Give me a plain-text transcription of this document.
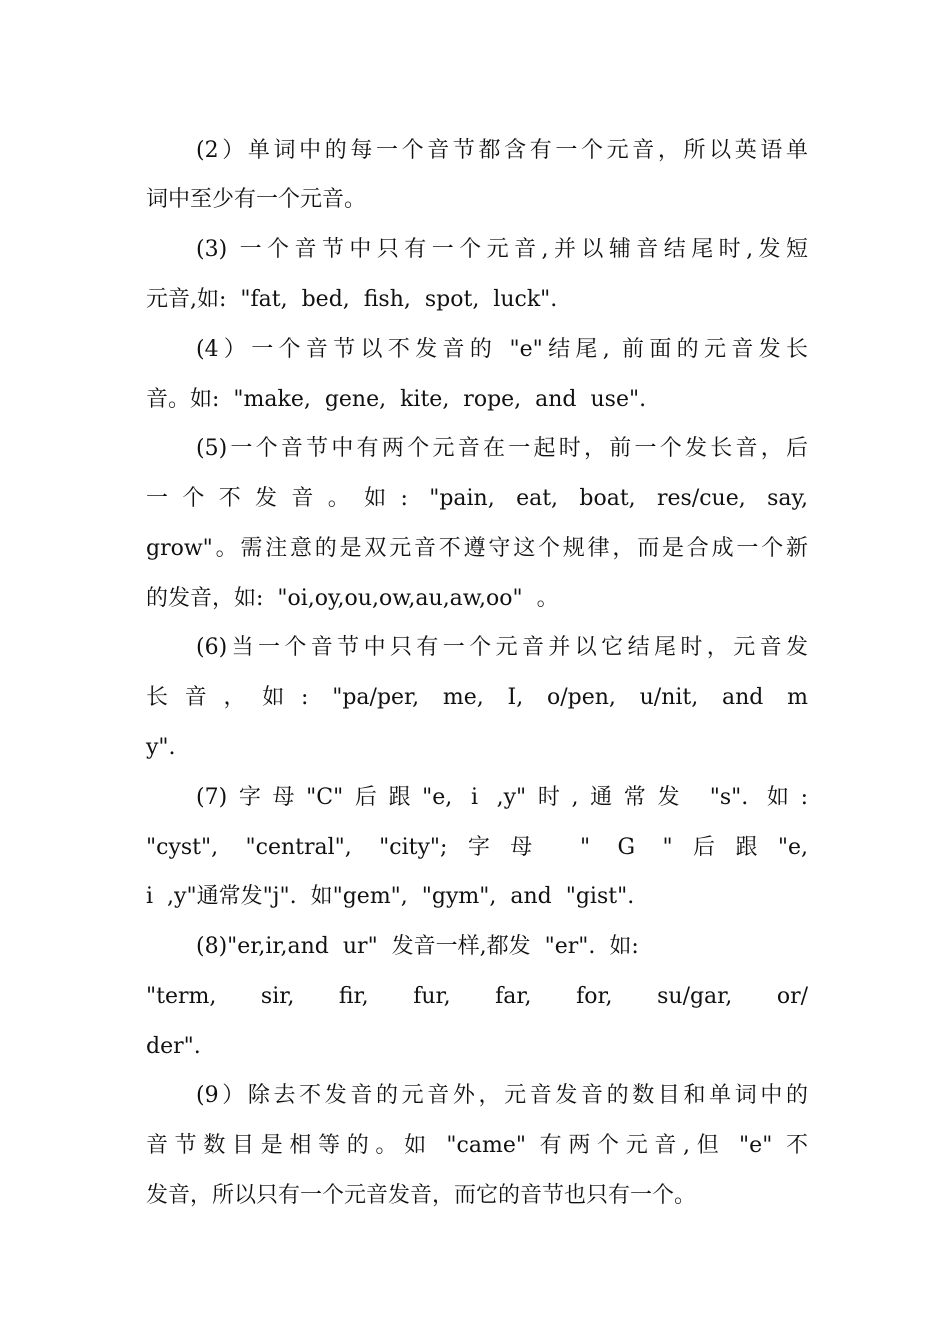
(2）单词中的每一个音节都含有一个元音，所以英语单
词中至少有一个元音。
(3) 一个音节中只有一个元音,并以辅音结尾时,发短
元音,如:  "fat,  bed,  fish,  spot,  luck".
(4）一个音节以不发音的 "e"结尾, 前面的元音发长
音。如:  "make,  gene,  kite,  rope,  and  use".
(5)一个音节中有两个元音在一起时，前一个发长音，后
一个不发音。如: "pain, eat, boat, res/cue, say,
grow"。需注意的是双元音不遵守这个规律，而是合成一个新
的发音，如:  "oi,oy,ou,ow,au,aw,oo"  。
(6)当一个音节中只有一个元音并以它结尾时，元音发
长音，如: "pa/per, me, I, o/pen, u/nit, and m
y".
(7)字母"C"后跟"e, i ,y"时,通常发 "s". 如:
"cyst", "central", "city";字母 " G "后跟"e,
i  ,y"通常发"j".  如"gem",  "gym",  and  "gist".
(8)"er,ir,and  ur"  发音一样,都发  "er".  如:
"term, sir, fir, fur, far, for, su/gar, or/
der".
(9）除去不发音的元音外，元音发音的数目和单词中的
音节数目是相等的。如 "came" 有两个元音,但 "e" 不
发音，所以只有一个元音发音，而它的音节也只有一个。
